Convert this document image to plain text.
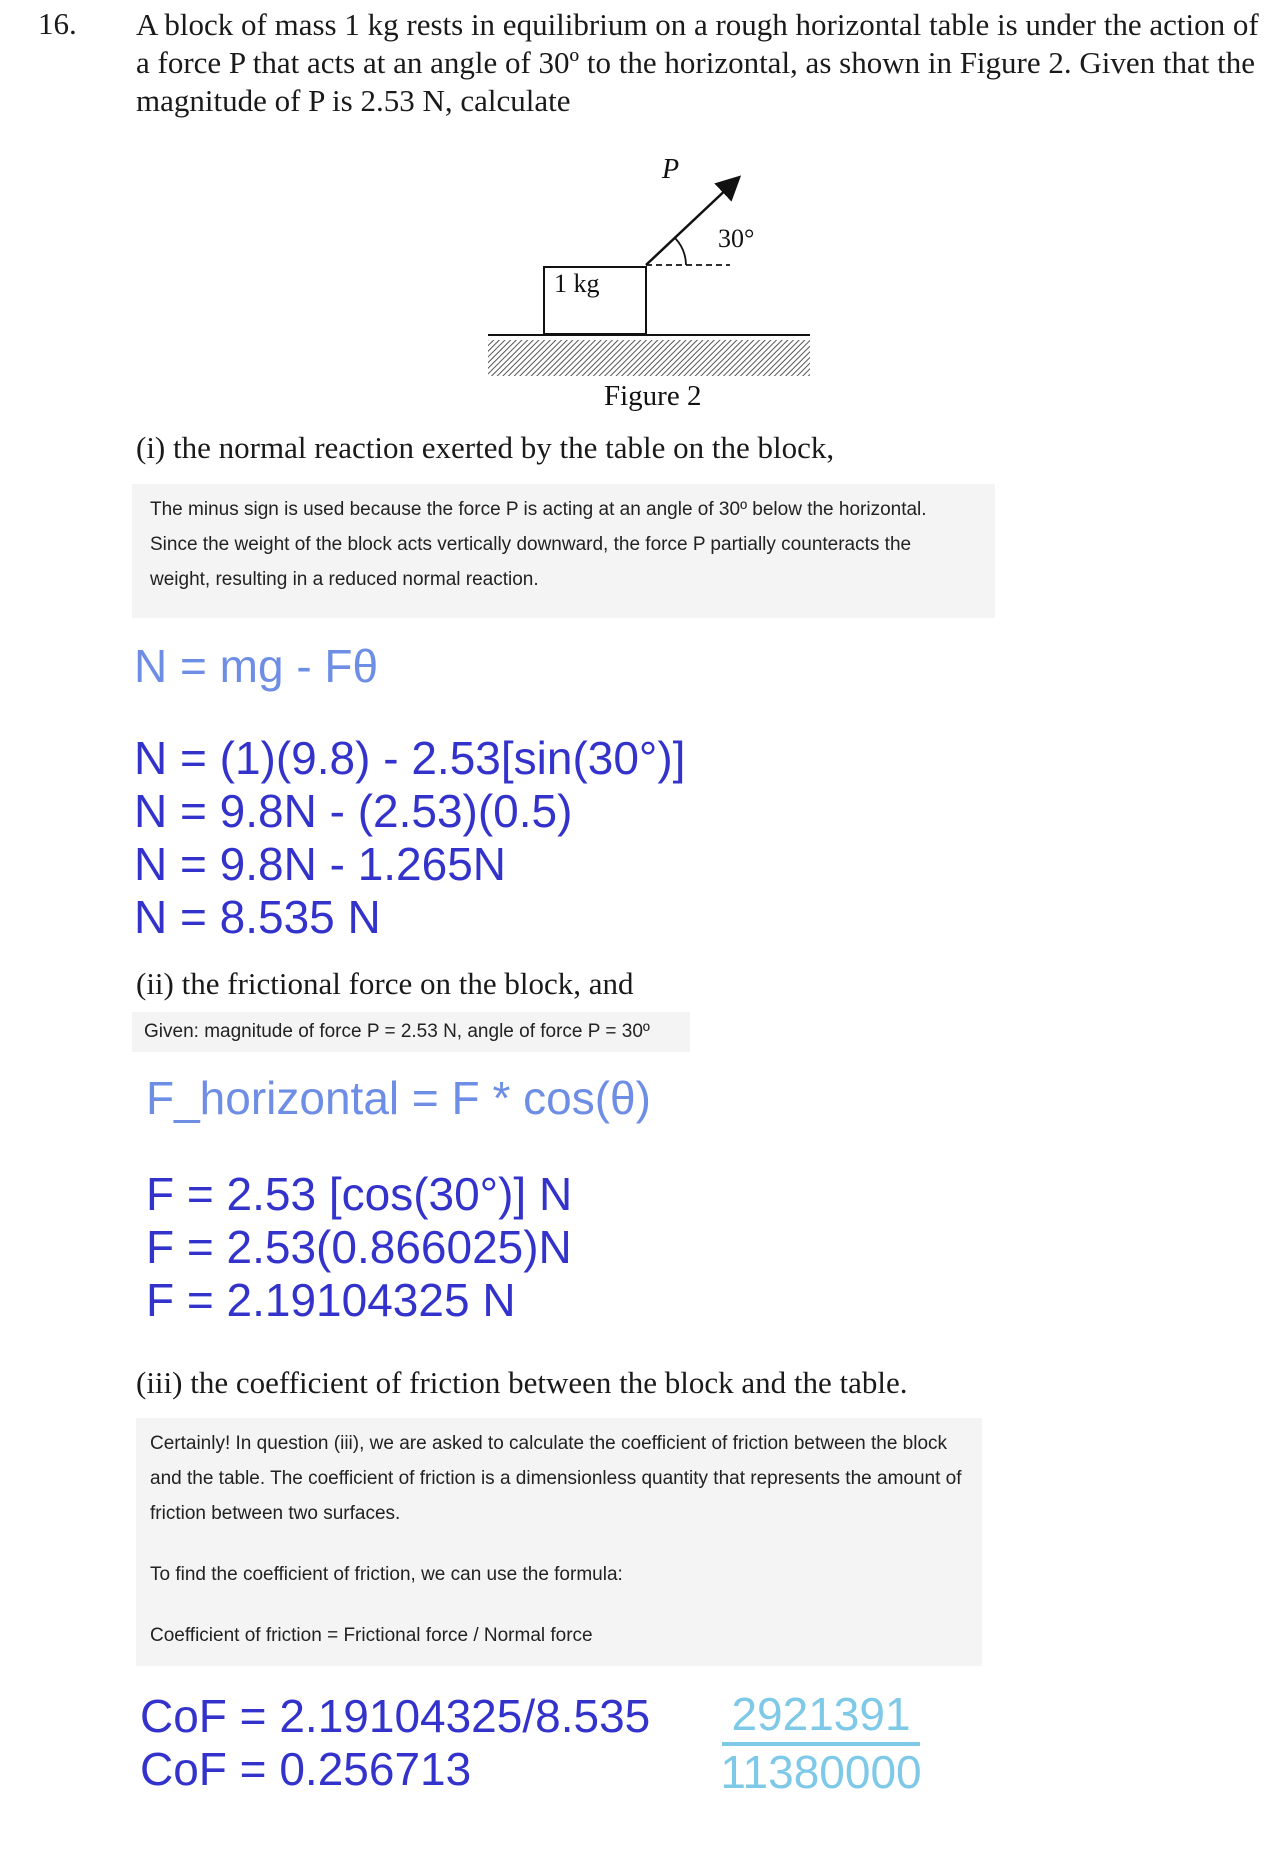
16. A block of mass 1 kg rests in equilibrium on a rough horizontal table is under the action of a force P that acts at an angle of 30º to the horizontal, as shown in Figure 2. Given that the magnitude of P is 2.53 N, calculate
P
30°
1 kg
Figure 2
(i) the normal reaction exerted by the table on the block,
The minus sign is used because the force P is acting at an angle of 30º below the horizontal. Since the weight of the block acts vertically downward, the force P partially counteracts the weight, resulting in a reduced normal reaction.
N = mg - Fθ
N = (1)(9.8) - 2.53[sin(30°)]
N = 9.8N - (2.53)(0.5)
N = 9.8N - 1.265N
N = 8.535 N
(ii) the frictional force on the block, and
Given: magnitude of force P = 2.53 N, angle of force P = 30º
F_horizontal = F * cos(θ)
F = 2.53 [cos(30°)] N
F = 2.53(0.866025)N
F = 2.19104325 N
(iii) the coefficient of friction between the block and the table.
Certainly! In question (iii), we are asked to calculate the coefficient of friction between the block and the table. The coefficient of friction is a dimensionless quantity that represents the amount of friction between two surfaces.
To find the coefficient of friction, we can use the formula:
Coefficient of friction = Frictional force / Normal force
CoF = 2.19104325/8.535
CoF = 0.256713
2921391
11380000
